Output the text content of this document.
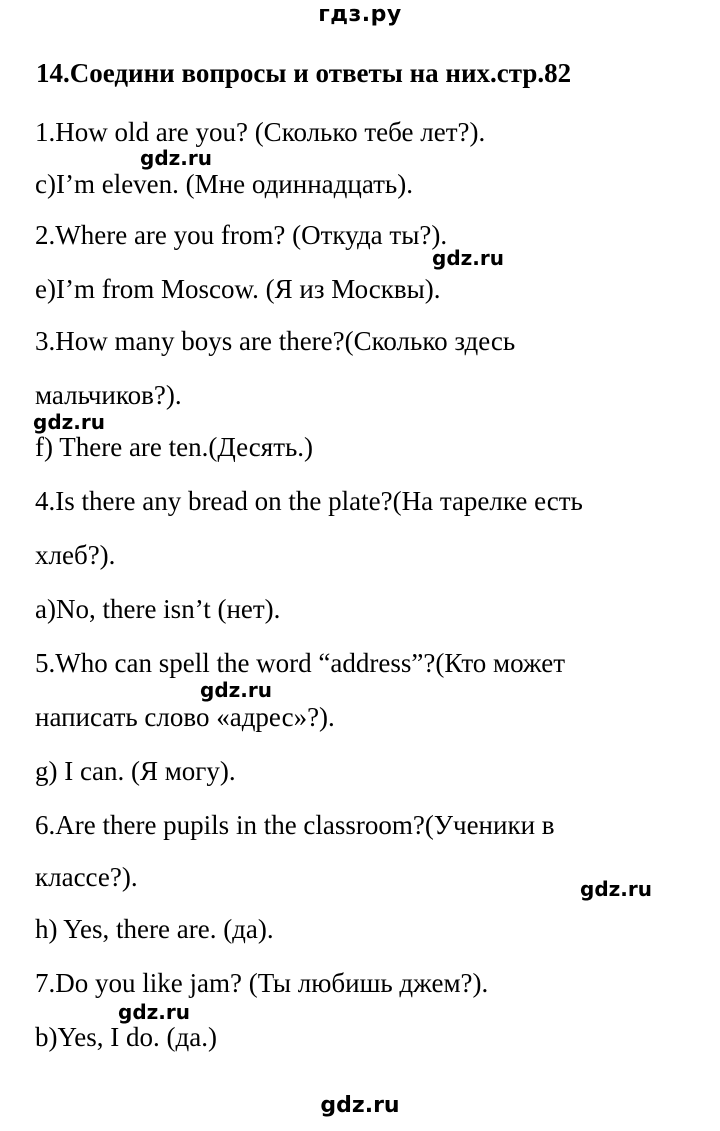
гдз.ру
14.Соедини вопросы и ответы на них.стр.82
1.How old are you? (Сколько тебе лет?).
c)I’m eleven. (Мне одиннадцать).
2.Where are you from? (Откуда ты?).
e)I’m from Moscow. (Я из Москвы).
3.How many boys are there?(Сколько здесь
мальчиков?).
f) There are ten.(Десять.)
4.Is there any bread on the plate?(На тарелке есть
хлеб?).
a)No, there isn’t (нет).
5.Who can spell the word “address”?(Кто может
написать слово «адрес»?).
g) I can. (Я могу).
6.Are there pupils in the classroom?(Ученики в
классе?).
h) Yes, there are. (да).
7.Do you like jam? (Ты любишь джем?).
b)Yes, I do. (да.)
gdz.ru
gdz.ru
gdz.ru
gdz.ru
gdz.ru
gdz.ru
gdz.ru
